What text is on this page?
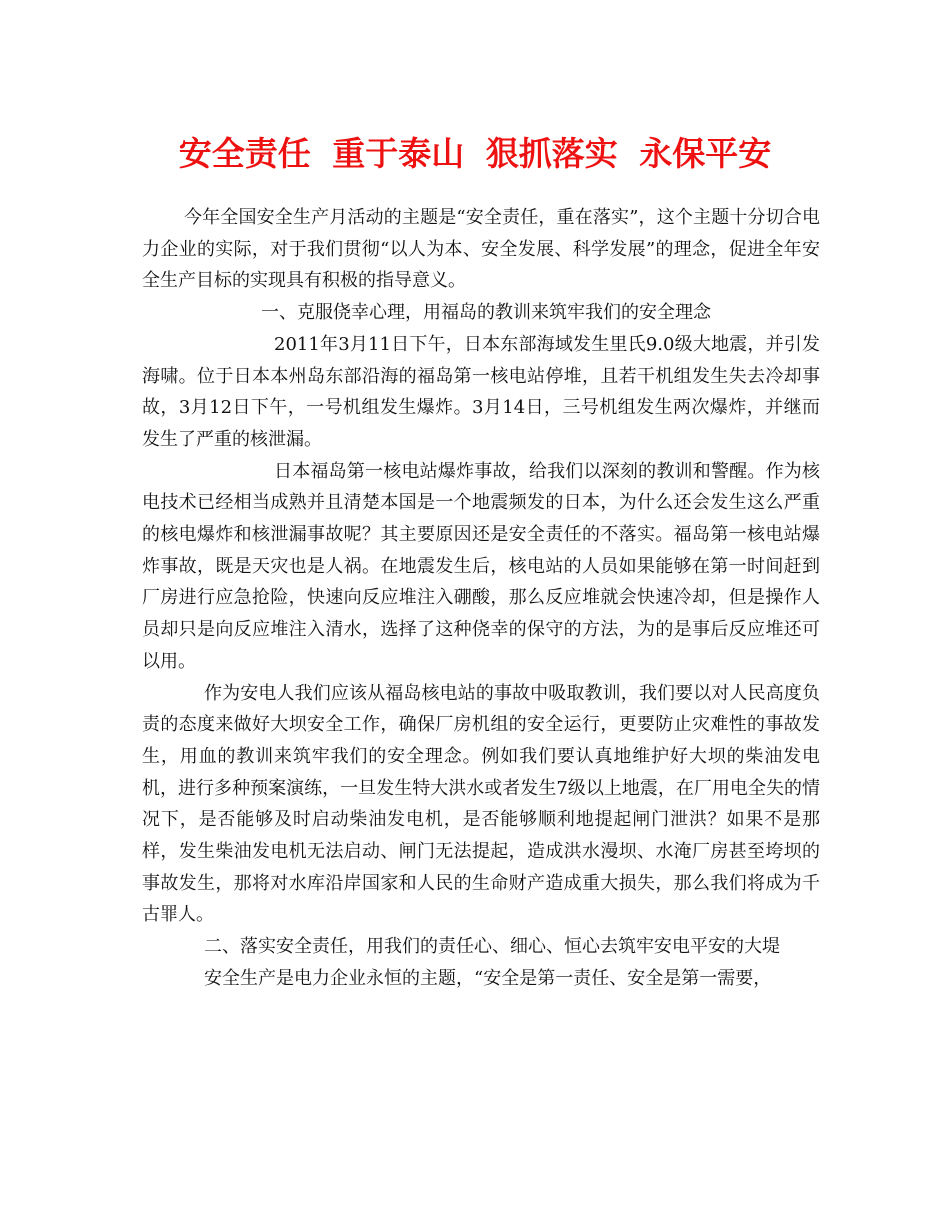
安全责任 重于泰山 狠抓落实 永保平安

今年全国安全生产月活动的主题是“安全责任，重在落实”，这个主题十分切合电力企业的实际，对于我们贯彻“以人为本、安全发展、科学发展”的理念，促进全年安全生产目标的实现具有积极的指导意义。

一、克服侥幸心理，用福岛的教训来筑牢我们的安全理念

2011年3月11日下午，日本东部海域发生里氏9.0级大地震，并引发海啸。位于日本本州岛东部沿海的福岛第一核电站停堆，且若干机组发生失去冷却事故，3月12日下午，一号机组发生爆炸。3月14日，三号机组发生两次爆炸，并继而发生了严重的核泄漏。

日本福岛第一核电站爆炸事故，给我们以深刻的教训和警醒。作为核电技术已经相当成熟并且清楚本国是一个地震频发的日本，为什么还会发生这么严重的核电爆炸和核泄漏事故呢？其主要原因还是安全责任的不落实。福岛第一核电站爆炸事故，既是天灾也是人祸。在地震发生后，核电站的人员如果能够在第一时间赶到厂房进行应急抢险，快速向反应堆注入硼酸，那么反应堆就会快速冷却，但是操作人员却只是向反应堆注入清水，选择了这种侥幸的保守的方法，为的是事后反应堆还可以用。

作为安电人我们应该从福岛核电站的事故中吸取教训，我们要以对人民高度负责的态度来做好大坝安全工作，确保厂房机组的安全运行，更要防止灾难性的事故发生，用血的教训来筑牢我们的安全理念。例如我们要认真地维护好大坝的柴油发电机，进行多种预案演练，一旦发生特大洪水或者发生7级以上地震，在厂用电全失的情况下，是否能够及时启动柴油发电机，是否能够顺利地提起闸门泄洪？如果不是那样，发生柴油发电机无法启动、闸门无法提起，造成洪水漫坝、水淹厂房甚至垮坝的事故发生，那将对水库沿岸国家和人民的生命财产造成重大损失，那么我们将成为千古罪人。

二、落实安全责任，用我们的责任心、细心、恒心去筑牢安电平安的大堤

安全生产是电力企业永恒的主题，“安全是第一责任、安全是第一需要，
